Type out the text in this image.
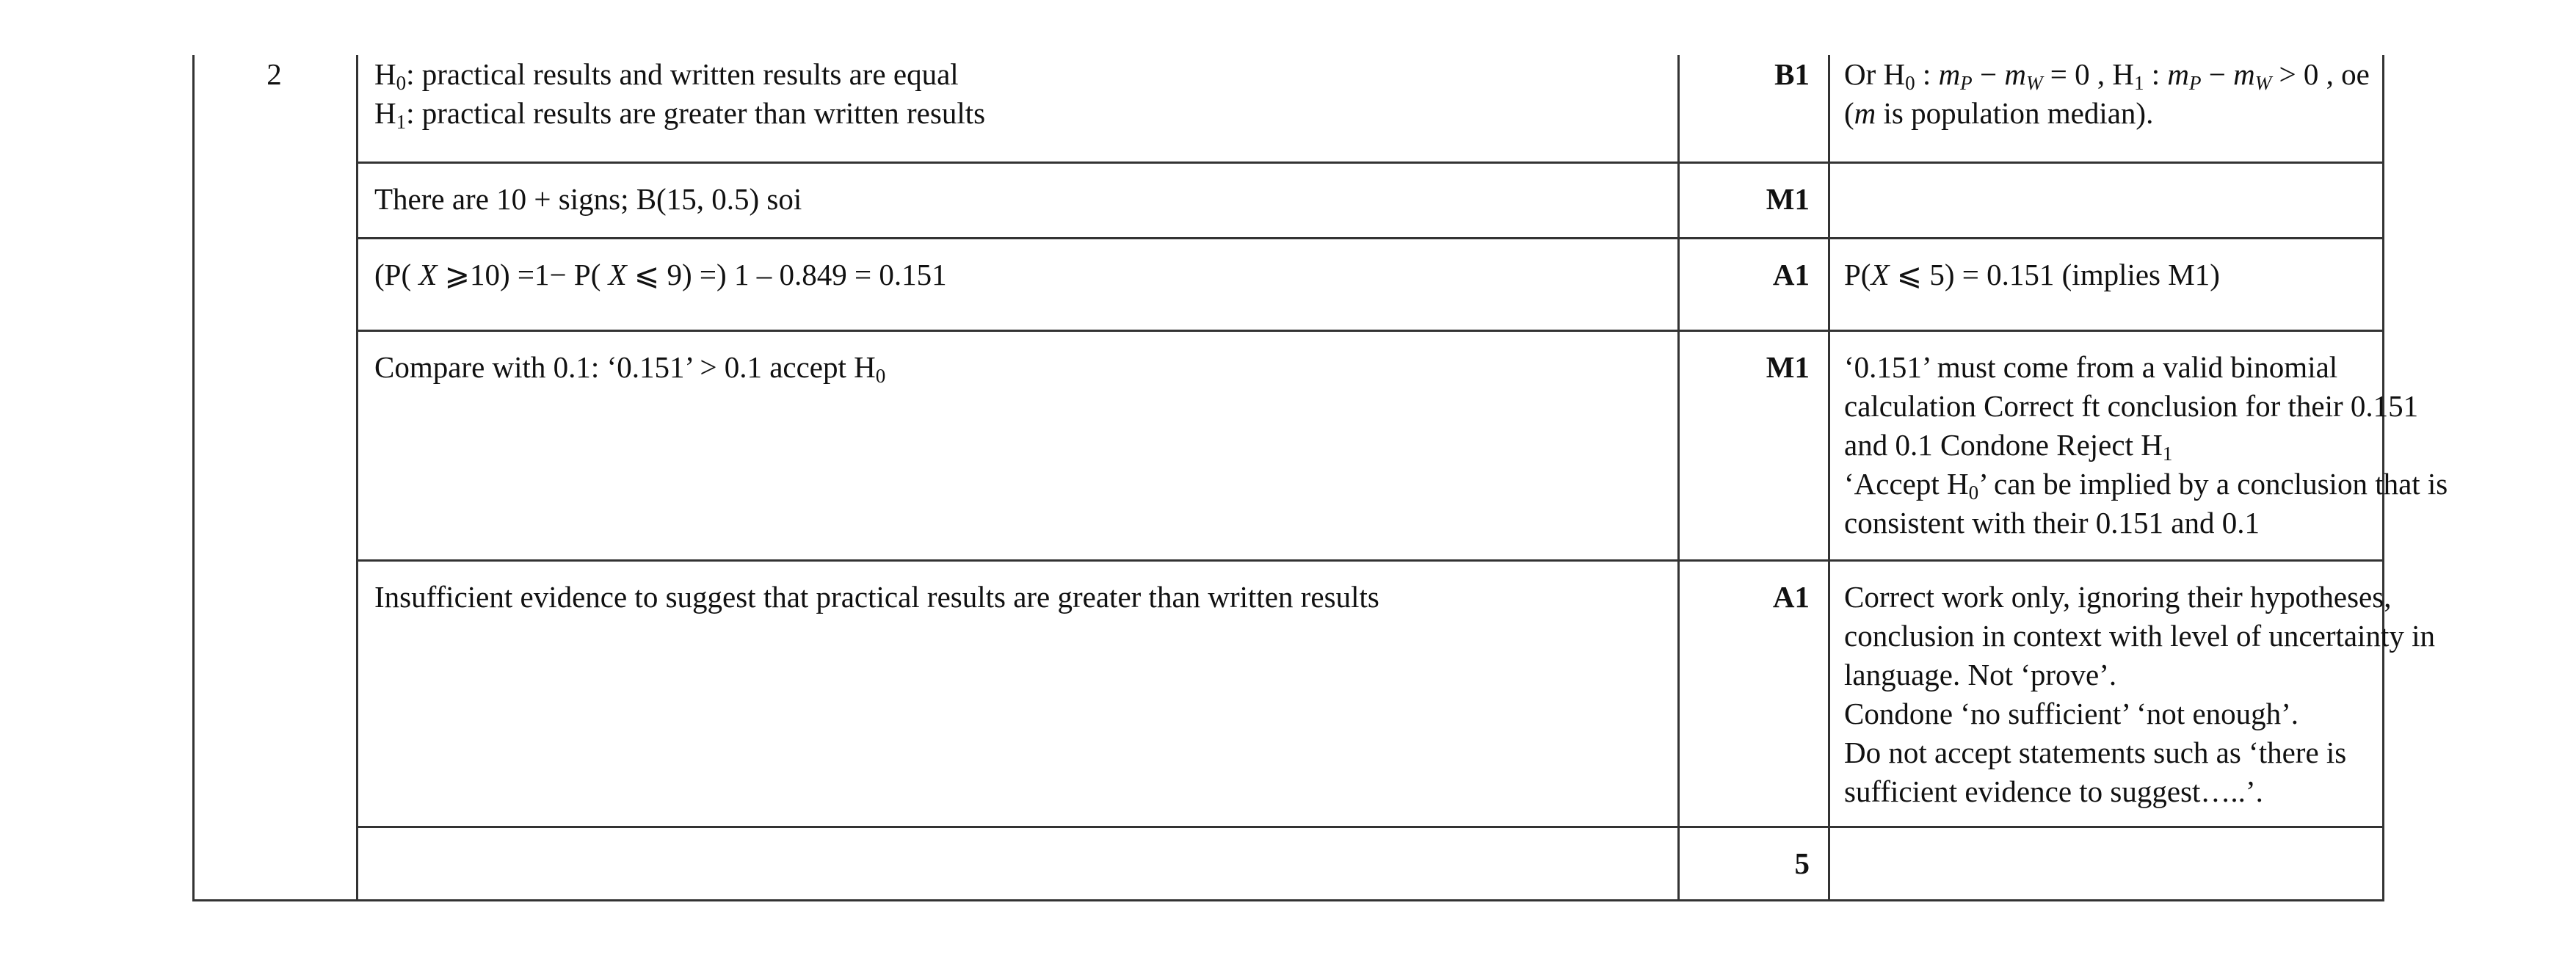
2	$H_0$: practical results and written results are equal
$H_1$: practical results are greater than written results
B1 Or $H_0$ : $m_P - m_W = 0$ , $H_1$ : $m_P - m_W > 0$ , oe
(m is population median).
There are 10 + signs; B(15, 0.5) soi	M1
(P( X ⩾10) =1− P( X ⩽ 9) =) 1 – 0.849 = 0.151	A1 P(X ⩽ 5) = 0.151 (implies M1)
Compare with 0.1: ‘0.151’ > 0.1 accept $H_0$	M1 ‘0.151’ must come from a valid binomial
calculation Correct ft conclusion for their 0.151
and 0.1 Condone Reject $H_1$
‘Accept $H_0$’ can be implied by a conclusion that is
consistent with their 0.151 and 0.1
Insufficient evidence to suggest that practical results are greater than written results	A1 Correct work only, ignoring their hypotheses,
conclusion in context with level of uncertainty in
language. Not ‘prove’.
Condone ‘no sufficient’ ‘not enough’.
Do not accept statements such as ‘there is
sufficient evidence to suggest…..’.
5
